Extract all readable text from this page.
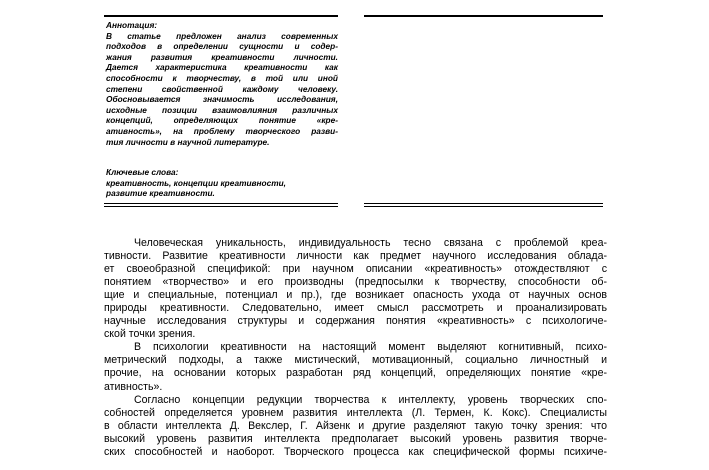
Аннотация:
В статье предложен анализ современных
подходов в определении сущности и содер-
жания развития креативности личности.
Дается характеристика креативности как
способности к творчеству, в той или иной
степени свойственной каждому человеку.
Обосновывается значимость исследования,
исходные позиции взаимовлияния различных
концепций, определяющих понятие «кре-
ативность», на проблему творческого разви-
тия личности в научной литературе.
Ключевые слова:
креативность, концепции креативности,
развитие креативности.
Человеческая уникальность, индивидуальность тесно связана с проблемой креа-
тивности. Развитие креативности личности как предмет научного исследования облада-
ет своеобразной спецификой: при научном описании «креативность» отождествляют с
понятием «творчество» и его производны (предпосылки к творчеству, способности об-
щие и специальные, потенциал и пр.), где возникает опасность ухода от научных основ
природы креативности. Следовательно, имеет смысл рассмотреть и проанализировать
научные исследования структуры и содержания понятия «креативность» с психологиче-
ской точки зрения.
В психологии креативности на настоящий момент выделяют когнитивный, психо-
метрический подходы, а также мистический, мотивационный, социально личностный и
прочие, на основании которых разработан ряд концепций, определяющих понятие «кре-
ативность».
Согласно концепции редукции творчества к интеллекту, уровень творческих спо-
собностей определяется уровнем развития интеллекта (Л. Термен, К. Кокс). Специалисты
в области интеллекта Д. Векслер, Г. Айзенк и другие разделяют такую точку зрения: что
высокий уровень развития интеллекта предполагает высокий уровень развития творче-
ских способностей и наоборот. Творческого процесса как специфической формы психиче-
